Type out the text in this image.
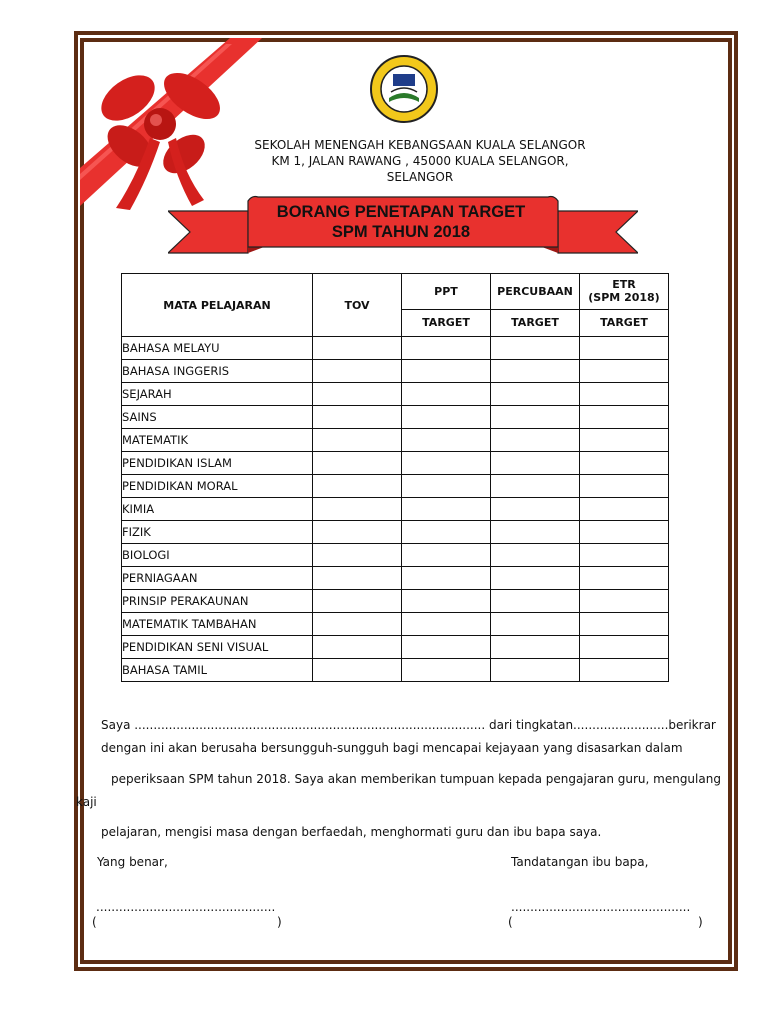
SEKOLAH MENENGAH KEBANGSAAN KUALA SELANGOR
KM 1, JALAN RAWANG , 45000 KUALA SELANGOR,
SELANGOR
BORANG PENETAPAN TARGET
SPM TAHUN 2018
MATA PELAJARAN	TOV	PPT	PERCUBAAN	ETR
(SPM 2018)

		TARGET	TARGET	TARGET
BAHASA MELAYU				
BAHASA INGGERIS				
SEJARAH				
SAINS				
MATEMATIK				
PENDIDIKAN ISLAM				
PENDIDIKAN MORAL				
KIMIA				
FIZIK				
BIOLOGI				
PERNIAGAAN				
PRINSIP PERAKAUNAN				
MATEMATIK TAMBAHAN				
PENDIDIKAN SENI VISUAL				
BAHASA TAMIL				
Saya ............................................................................................ dari tingkatan.........................berikrar
dengan ini akan berusaha bersungguh-sungguh bagi mencapai kejayaan yang disasarkan dalam
peperiksaan SPM tahun 2018. Saya akan memberikan tumpuan kepada pengajaran guru, mengulang
kaji
pelajaran, mengisi masa dengan berfaedah, menghormati guru dan ibu bapa saya.
Yang benar,	Tandatangan ibu bapa,
...............................................	...............................................
(	)	(	)
